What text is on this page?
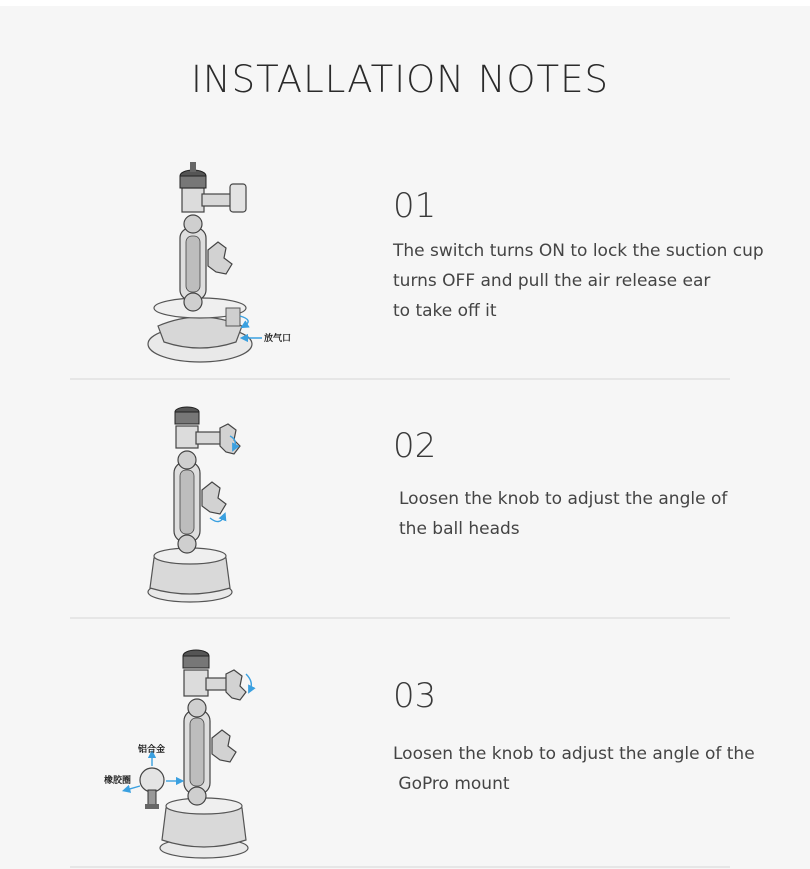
INSTALLATION NOTES
放气口
01
The switch turns ON to lock the suction cup
turns OFF and pull the air release ear
to take off it
02
Loosen the knob to adjust the angle of
the ball heads
铝合金
橡胶圈
03
Loosen the knob to adjust the angle of the
GoPro mount
